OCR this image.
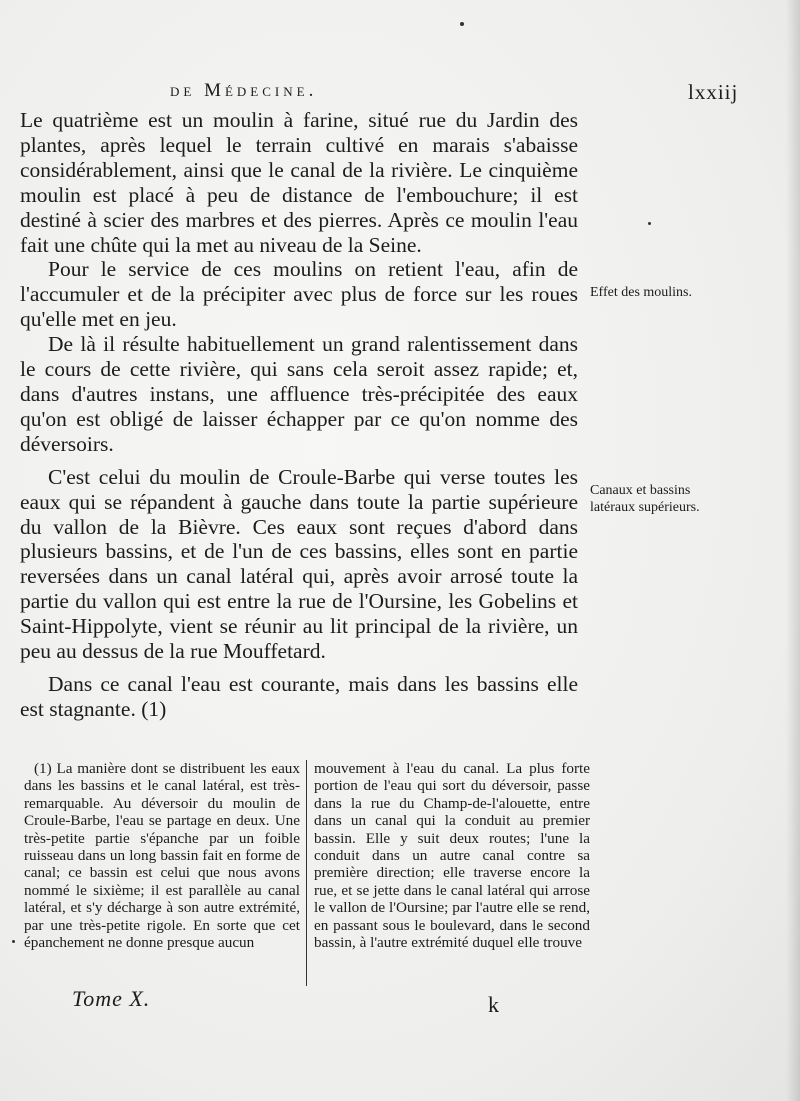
de Médecine.	lxxiij

Le quatrième est un moulin à farine, situé rue du Jardin des plantes, après lequel le terrain cultivé en marais s'abaisse considérablement, ainsi que le canal de la rivière. Le cinquième moulin est placé à peu de distance de l'embouchure; il est destiné à scier des marbres et des pierres. Après ce moulin l'eau fait une chûte qui la met au niveau de la Seine.

Pour le service de ces moulins on retient l'eau, afin de l'accumuler et de la précipiter avec plus de force sur les roues qu'elle met en jeu.

De là il résulte habituellement un grand ralentissement dans le cours de cette rivière, qui sans cela seroit assez rapide; et, dans d'autres instans, une affluence très-précipitée des eaux qu'on est obligé de laisser échapper par ce qu'on nomme des déversoirs.

C'est celui du moulin de Croule-Barbe qui verse toutes les eaux qui se répandent à gauche dans toute la partie supérieure du vallon de la Bièvre. Ces eaux sont reçues d'abord dans plusieurs bassins, et de l'un de ces bassins, elles sont en partie reversées dans un canal latéral qui, après avoir arrosé toute la partie du vallon qui est entre la rue de l'Oursine, les Gobelins et Saint-Hippolyte, vient se réunir au lit principal de la rivière, un peu au dessus de la rue Mouffetard.

Dans ce canal l'eau est courante, mais dans les bassins elle est stagnante. (1)

Effet des moulins.
Canaux et bassins latéraux supérieurs.
(1) La manière dont se distribuent les eaux dans les bassins et le canal latéral, est très-remarquable. Au déversoir du moulin de Croule-Barbe, l'eau se partage en deux. Une très-petite partie s'épanche par un foible ruisseau dans un long bassin fait en forme de canal; ce bassin est celui que nous avons nommé le sixième; il est parallèle au canal latéral, et s'y décharge à son autre extrémité, par une très-petite rigole. En sorte que cet épanchement ne donne presque aucun
mouvement à l'eau du canal. La plus forte portion de l'eau qui sort du déversoir, passe dans la rue du Champ-de-l'alouette, entre dans un canal qui la conduit au premier bassin. Elle y suit deux routes; l'une la conduit dans un autre canal contre sa première direction; elle traverse encore la rue, et se jette dans le canal latéral qui arrose le vallon de l'Oursine; par l'autre elle se rend, en passant sous le boulevard, dans le second bassin, à l'autre extrémité duquel elle trouve
Tome X.	k
